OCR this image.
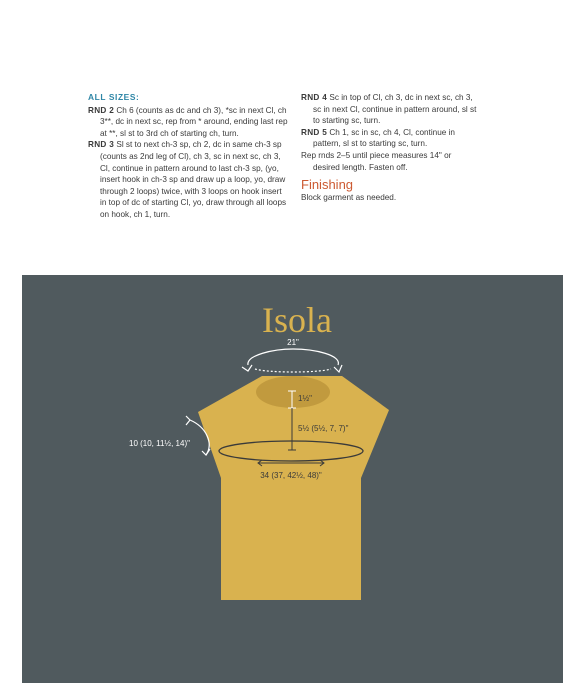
ALL SIZES:

RND 2 Ch 6 (counts as dc and ch 3), *sc in next Cl, ch 3**, dc in next sc, rep from * around, ending last rep at **, sl st to 3rd ch of starting ch, turn.

RND 3 Sl st to next ch-3 sp, ch 2, dc in same ch-3 sp (counts as 2nd leg of Cl), ch 3, sc in next sc, ch 3, Cl, continue in pattern around to last ch-3 sp, (yo, insert hook in ch-3 sp and draw up a loop, yo, draw through 2 loops) twice, with 3 loops on hook insert in top of dc of starting Cl, yo, draw through all loops on hook, ch 1, turn.

RND 4 Sc in top of Cl, ch 3, dc in next sc, ch 3, sc in next Cl, continue in pattern around, sl st to starting sc, turn.

RND 5 Ch 1, sc in sc, ch 4, Cl, continue in pattern, sl st to starting sc, turn.

Rep rnds 2–5 until piece measures 14" or desired length. Fasten off.

Finishing

Block garment as needed.

Isola
21"
1½"
5½ (5½, 7, 7)"
34 (37, 42½, 48)"
10 (10, 11½, 14)"
